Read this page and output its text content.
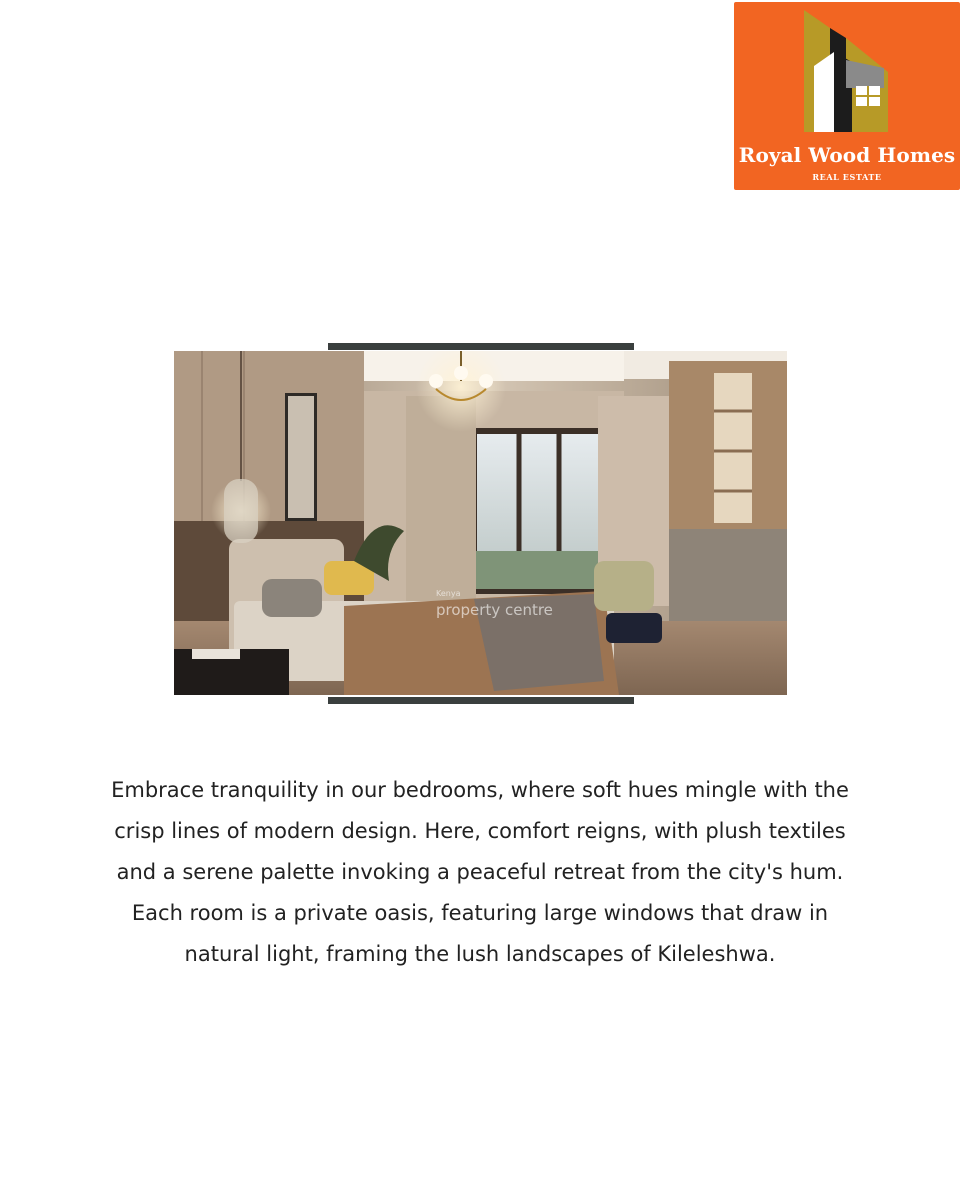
Royal Wood Homes
REAL ESTATE
Kenya
property centre

Embrace tranquility in our bedrooms, where soft hues mingle with the crisp lines of modern design. Here, comfort reigns, with plush textiles and a serene palette invoking a peaceful retreat from the city's hum. Each room is a private oasis, featuring large windows that draw in natural light, framing the lush landscapes of Kileleshwa.
